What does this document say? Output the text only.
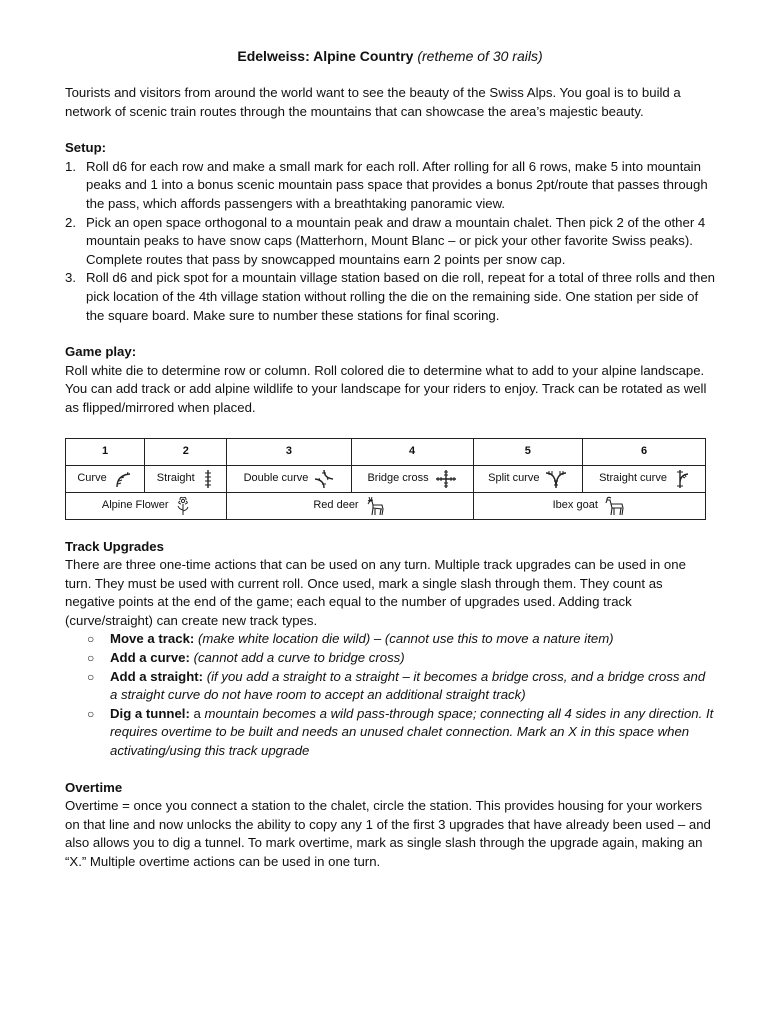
Edelweiss: Alpine Country (retheme of 30 rails)

Tourists and visitors from around the world want to see the beauty of the Swiss Alps. You goal is to build a network of scenic train routes through the mountains that can showcase the area’s majestic beauty.

Setup:
1. Roll d6 for each row and make a small mark for each roll. After rolling for all 6 rows, make 5 into mountain peaks and 1 into a bonus scenic mountain pass space that provides a bonus 2pt/route that passes through the pass, which affords passengers with a breathtaking panoramic view.
2. Pick an open space orthogonal to a mountain peak and draw a mountain chalet. Then pick 2 of the other 4 mountain peaks to have snow caps (Matterhorn, Mount Blanc – or pick your other favorite Swiss peaks). Complete routes that pass by snowcapped mountains earn 2 points per snow cap.
3. Roll d6 and pick spot for a mountain village station based on die roll, repeat for a total of three rolls and then pick location of the 4th village station without rolling the die on the remaining side. One station per side of the square board. Make sure to number these stations for final scoring.
Game play:

Roll white die to determine row or column. Roll colored die to determine what to add to your alpine landscape. You can add track or add alpine wildlife to your landscape for your riders to enjoy. Track can be rotated as well as flipped/mirrored when placed.

1	2	3	4	5	6

Curve	Straight	Double curve	Bridge cross	Split curve	Straight curve

Alpine Flower		Red deer		Ibex goat	
Track Upgrades

There are three one-time actions that can be used on any turn. Multiple track upgrades can be used in one turn. They must be used with current roll. Once used, mark a single slash through them. They count as negative points at the end of the game; each equal to the number of upgrades used. Adding track (curve/straight) can create new track types.

○ Move a track: (make white location die wild) – (cannot use this to move a nature item)
○ Add a curve: (cannot add a curve to bridge cross)
○ Add a straight: (if you add a straight to a straight – it becomes a bridge cross, and a bridge cross and a straight curve do not have room to accept an additional straight track)
○ Dig a tunnel: a mountain becomes a wild pass-through space; connecting all 4 sides in any direction. It requires overtime to be built and needs an unused chalet connection. Mark an X in this space when activating/using this track upgrade
Overtime

Overtime = once you connect a station to the chalet, circle the station. This provides housing for your workers on that line and now unlocks the ability to copy any 1 of the first 3 upgrades that have already been used – and also allows you to dig a tunnel. To mark overtime, mark as single slash through the upgrade again, making an “X.” Multiple overtime actions can be used in one turn.
